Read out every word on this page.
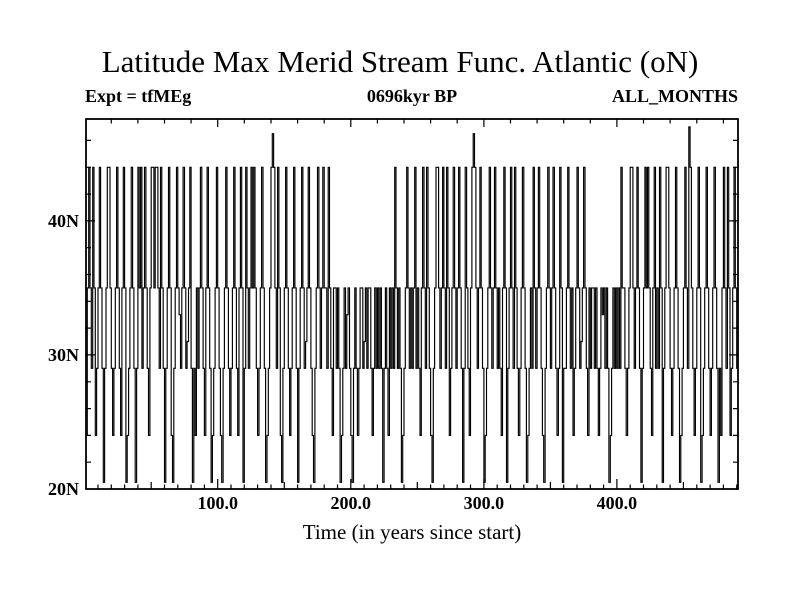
Latitude Max Merid Stream Func. Atlantic (oN)
Expt = tfMEg	0696kyr BP	ALL_MONTHS
Time (in years since start)
100.0	200.0	300.0	400.0
20N
30N
40N
